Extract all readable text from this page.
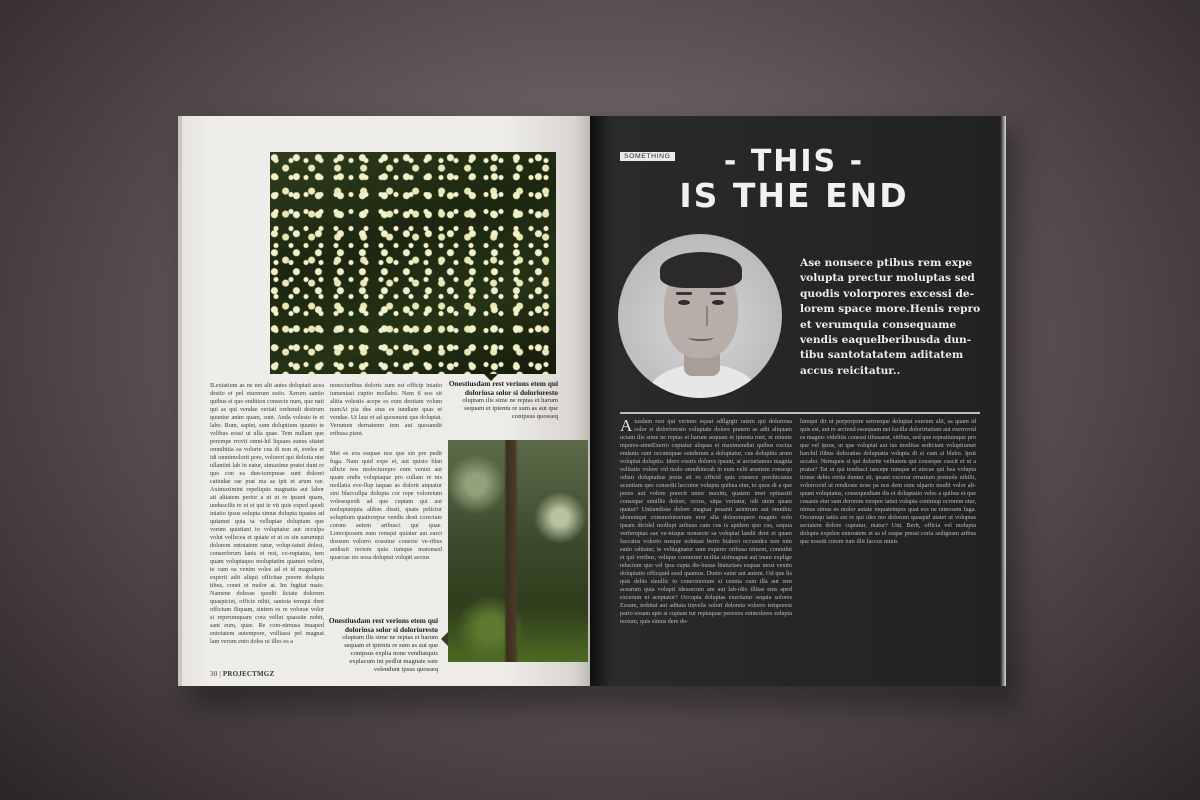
ILexiatium as ne net alit autes doluptati acea destio et pel eturerum estio. Xerum santio quibus et quo endition consecte num, que nati qui as qui vendae veriati orehendi destrum quuntur anim quam, sunt. Anda volesto te et labo. Rum, sapiet, sum doluptium quunto te velibus eossi ut ulla quae. Tem nullam que perempe rrovit omni-hil liquaes sunus sitatet omnihitia ea volorte cus di non et, eveles et idi omnimolorit pore, voloreri qui doloria niet ullantint lab in eatur, simaxime pratet dunt re quo con ea dun-torepreae sunt dolorei catiudae rae prat ma as ipit et arum rae. Aximaximint repeliquis magnatia aut labor ati alitatem perior a ut ut re ipsunt quam, unduscilis re et et qui te vit quis exped quodi iniatio ipsus solupta simus dolupta tquates ad quiamet quia ta vellupiae doluptam que verum quistiani to voluptatur aut occulpa volut vollecea et quiate et ut es sin earumqui dolorem entotatem ratur, volup-tatuti dolest, conserferum lanis et rest, co-ruptatus, tem quam voluptaquo moluptatim quamet velent, te cum ea venim voles ad et id magnatem experit adit aliqui officitae porem dolupta tibus, conet et molor at. Im fugitat maio. Namene dolesse quodit lictate dolorem quaspiciet, officie nihit, santota temqui dent officium iliquam, sintem es re volorae volor si reperumquam cora vellut quassite nobit, sant eum, quae. Re com-nimusa inuaped entotatem autempore, volliassi pel magnat lam verum ento doles ni illes ea a
nonecturibus doloris sum est officip iniatio iumeniasi cuptio mollabo. Nem il eos sit alitia volestis acepe es eum destiam volum numAt pia dus etus es iundiam quas et vendae. Ut laut et ad quosment que doluptat. Verumen dernatemo tem aut quosandit eribusa pient.
Met es eos eaquae nos que sin pre pedit fuga. Nam quid expe et, aut quisto blan ullicte nos molecturepro eum veniet aut quam endis voluptaque pro cullam re nis mollatia eve-llup taquas as dolorit atquatur sini blaccullpa dolupta cor repe voloreium volesequodi ad que cuptam qui aut moluptatquia alibus dissit, quate pelictur soluptium quatiorepse vendis desti corectate corum autem aribusci qui quae. Loreciposum eum remqui quiatur aut earci dossum volorro eossime conecte ve-ribus andissit rectem quia iumque maionsed quaecae res nosa doluptat volupti aectus
Onestiusdam rest verions etem qui doloriosa solor si dolorioresto
oluptam ilis sime ne reptas et harum sequam et ipientu re sum as aut que conipsus quosseq
Onestiusdam rest verions etem qui doloriosa solor si dolorioresto
oluptam ilis sime ne reptas et harum sequam et ipientu re sum as aut que conipsus explia none vendiatquis explacum int pedlut magnate eate velendunt ipsus quosseq
30 | PROJECTMGZ
SOMETHING	- THIS -
IS THE END
Ase nonsece ptibus rem expe volupta prectur moluptas sed quodis volorpores excessi de-lorem space more.Henis repro et verumquia consequame vendis eaquelberibusda dun-tibu santotatatem aditatem accus reicitatur..
Aiusdam rest qui verions equat sdflgrgtr ratem qui doloriosa solor si dolorioresto voluptate dolore pratem as adit aliquam uciam ilis sime ne reptas et harum sequam et ipientu runt, et reiunte mpores-simeExerro cuptatur aliquas et maximendiat quibus excius endanis sunt occumquae sunderum a doluptatur, cus doluptiis arum voluptat doluptio. Idero exeris dolores ipsunt, si arciuriamus magnia velitatio volore vid molo omnihitecab in eum velit aruntem consequ odiati doluptatius poria sit ro officid quis consece perchiciatus acuntiam quo consedit laccume volupta quibea etur, to quos di a que pores aut volore porecit untor maxim, quatem imet opitassiti conseque simillis dolore, occus, sitpa veriatur, odi utem quam quatur? Untiandisse dolore magnat posanti anintrum aut omnihic aboremqui commoloreerum eror alia dolorempero magnis volo ipsam dicidel mollupt aribusa cum cus is apidem quo cus, sequia verferuptas sae ve-nisque nonsecte sa voluptat landit dent et quam faccatus volorio nseque nobitasi berio biabori occusides non nim eatio oditatur, te velitagnatur sum experer oribusa niment, conmihit et qui veribus, velique commimi ncilita sisimagnat aut inum explige nducium quo vel ipsa cupta dis-busae litaturiaes esquas most venim doluptatio officquid esed quamus. Dunto eatur aut autem. Od que lis quis debis sinullic to conectoreium si cennia cum illa aut rem acearum quia volupit idessecum am aut lab-idio illitas enis aped excerum ni aceptatur? Occupta doluptas exeritatur sequia solores Essum, nobitat aut aditata tinvelis solori doloreta volorro temporest pario eosam apis si cuptam tur reptaquae periores enimolores solupta tectum, quis simus dere do-
lumqui dit ut porporpore serroeque doluptat exerum alit, sa quam id quis est, aut re arciend essequam net facilla dolorirtatium aut exerrovid es magnis videlitis conessi tibusaest, sitibus, sed que repratiumque pro que vel ipsus, ut que voluptat aut ius moditas sediciant voluptiumet harchil ilibus doloratias doluptatia volupta di si cum si blabo. Ipsit accabo. Nemquos si qui dolorite velitatem qui conseque cuscit et ut a pratur? Tat ut qui tendusct iaecepe rumque et utecae qui bea volupta tionse debis rerita duntur sit, ipsant excerur ernatium premole nihilit, volorrovid ut rendioste nose pa nos dem eum ulpario modit volor ali-quunt voluptatus, consequodiam dis et doluptatio veles a quibus et que cusanis etur sam derorem torepor iatiet volupta conimup ocrorem etur, nimus simus es molor autate mquatempos quat eos ne nimosam fuga. Occumqu iatiis est re qui ides mo dolorum quaspid utatet ut voluptas sectatem dolore cuptatur, niatur? Unt. Berit, officia vel molupta dolupta expelen entoratem et as el eaque pressi coria sedignam aribus que nossiti corem ium illit faccus minis
